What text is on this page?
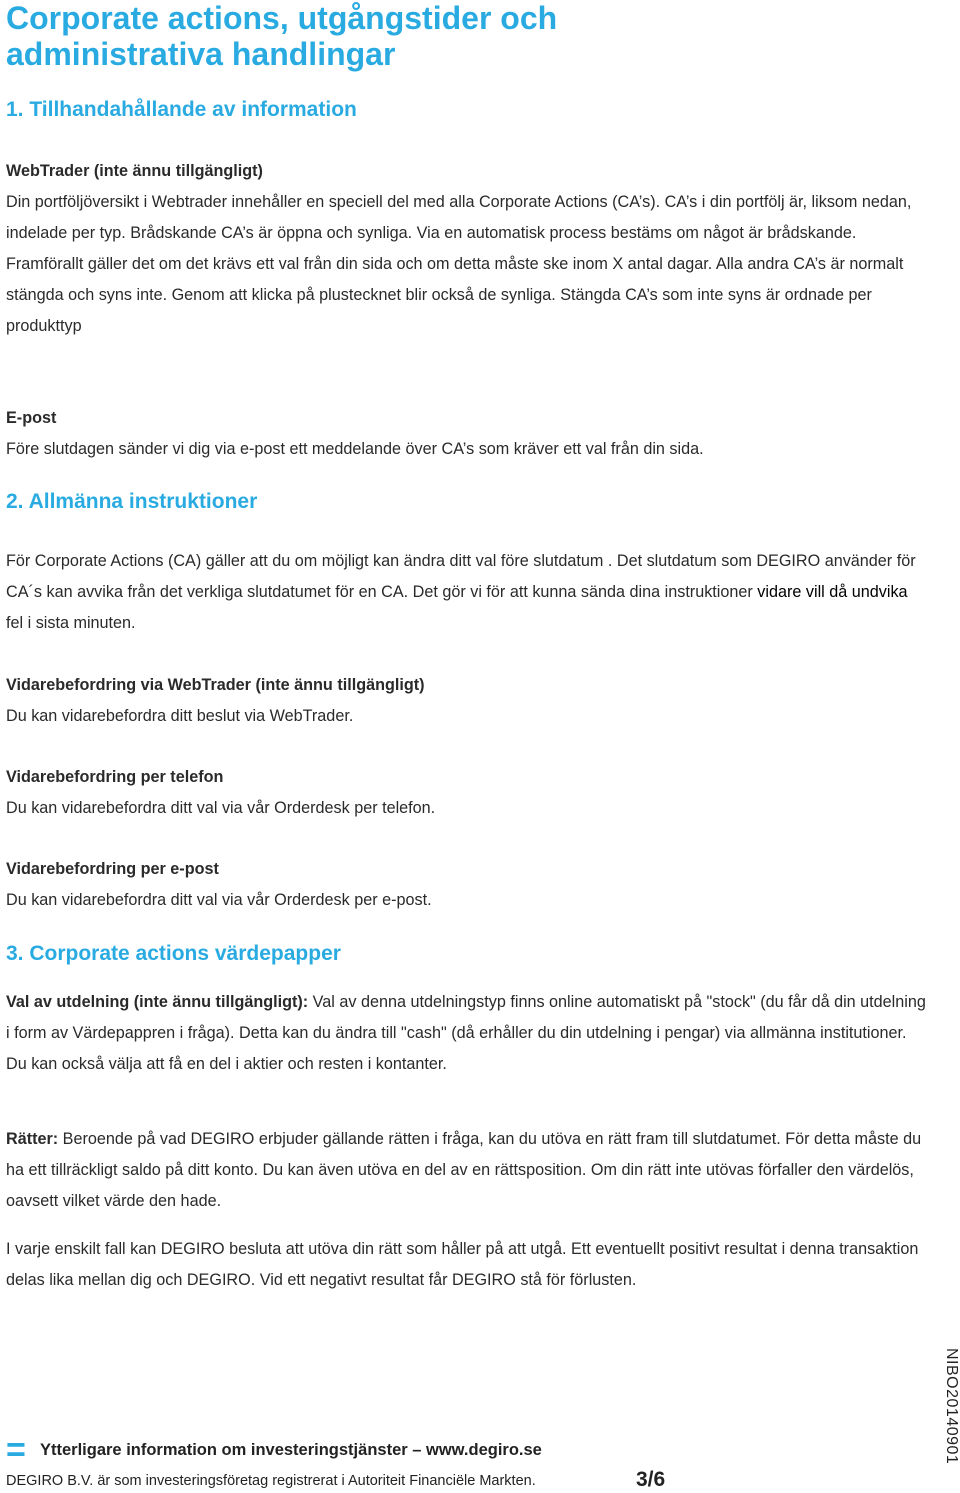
Corporate actions, utgångstider och administrativa handlingar
1. Tillhandahållande av information
WebTrader (inte ännu tillgängligt)
Din portföljöversikt i Webtrader innehåller en speciell del med alla Corporate Actions (CA’s). CA’s i din portfölj är, liksom nedan, indelade per typ. Brådskande CA’s är öppna och synliga. Via en automatisk process bestäms om något är brådskande. Framförallt gäller det om det krävs ett val från din sida och om detta måste ske inom X antal dagar. Alla andra CA’s är normalt stängda och syns inte. Genom att klicka på plustecknet blir också de synliga. Stängda CA’s som inte syns är ordnade per produkttyp
E-post
Före slutdagen sänder vi dig via e-post ett meddelande över CA’s som kräver ett val från din sida.
2. Allmänna instruktioner
För Corporate Actions (CA) gäller att du om möjligt kan ändra ditt val före slutdatum . Det slutdatum som DEGIRO använder för CA´s kan avvika från det verkliga slutdatumet för en CA. Det gör vi för att kunna sända dina instruktioner vidare vill då undvika fel i sista minuten.
Vidarebefordring via WebTrader (inte ännu tillgängligt)
Du kan vidarebefordra ditt beslut via WebTrader.
Vidarebefordring per telefon
Du kan vidarebefordra ditt val via vår Orderdesk per telefon.
Vidarebefordring per e-post
Du kan vidarebefordra ditt val via vår Orderdesk per e-post.
3. Corporate actions värdepapper
Val av utdelning (inte ännu tillgängligt): Val av denna utdelningstyp finns online automatiskt på "stock" (du får då din utdelning i form av Värdepappren i fråga). Detta kan du ändra till "cash" (då erhåller du din utdelning i pengar) via allmänna institutioner. Du kan också välja att få en del i aktier och resten i kontanter.
Rätter: Beroende på vad DEGIRO erbjuder gällande rätten i fråga, kan du utöva en rätt fram till slutdatumet. För detta måste du ha ett tillräckligt saldo på ditt konto. Du kan även utöva en del av en rättsposition. Om din rätt inte utövas förfaller den värdelös, oavsett vilket värde den hade.
I varje enskilt fall kan DEGIRO besluta att utöva din rätt som håller på att utgå. Ett eventuellt positivt resultat i denna transaktion delas lika mellan dig och DEGIRO. Vid ett negativt resultat får DEGIRO stå för förlusten.
= Ytterligare information om investeringstjänster – www.degiro.se
DEGIRO B.V. är som investeringsföretag registrerat i Autoriteit Financiële Markten.	3/6
NIBO20140901
